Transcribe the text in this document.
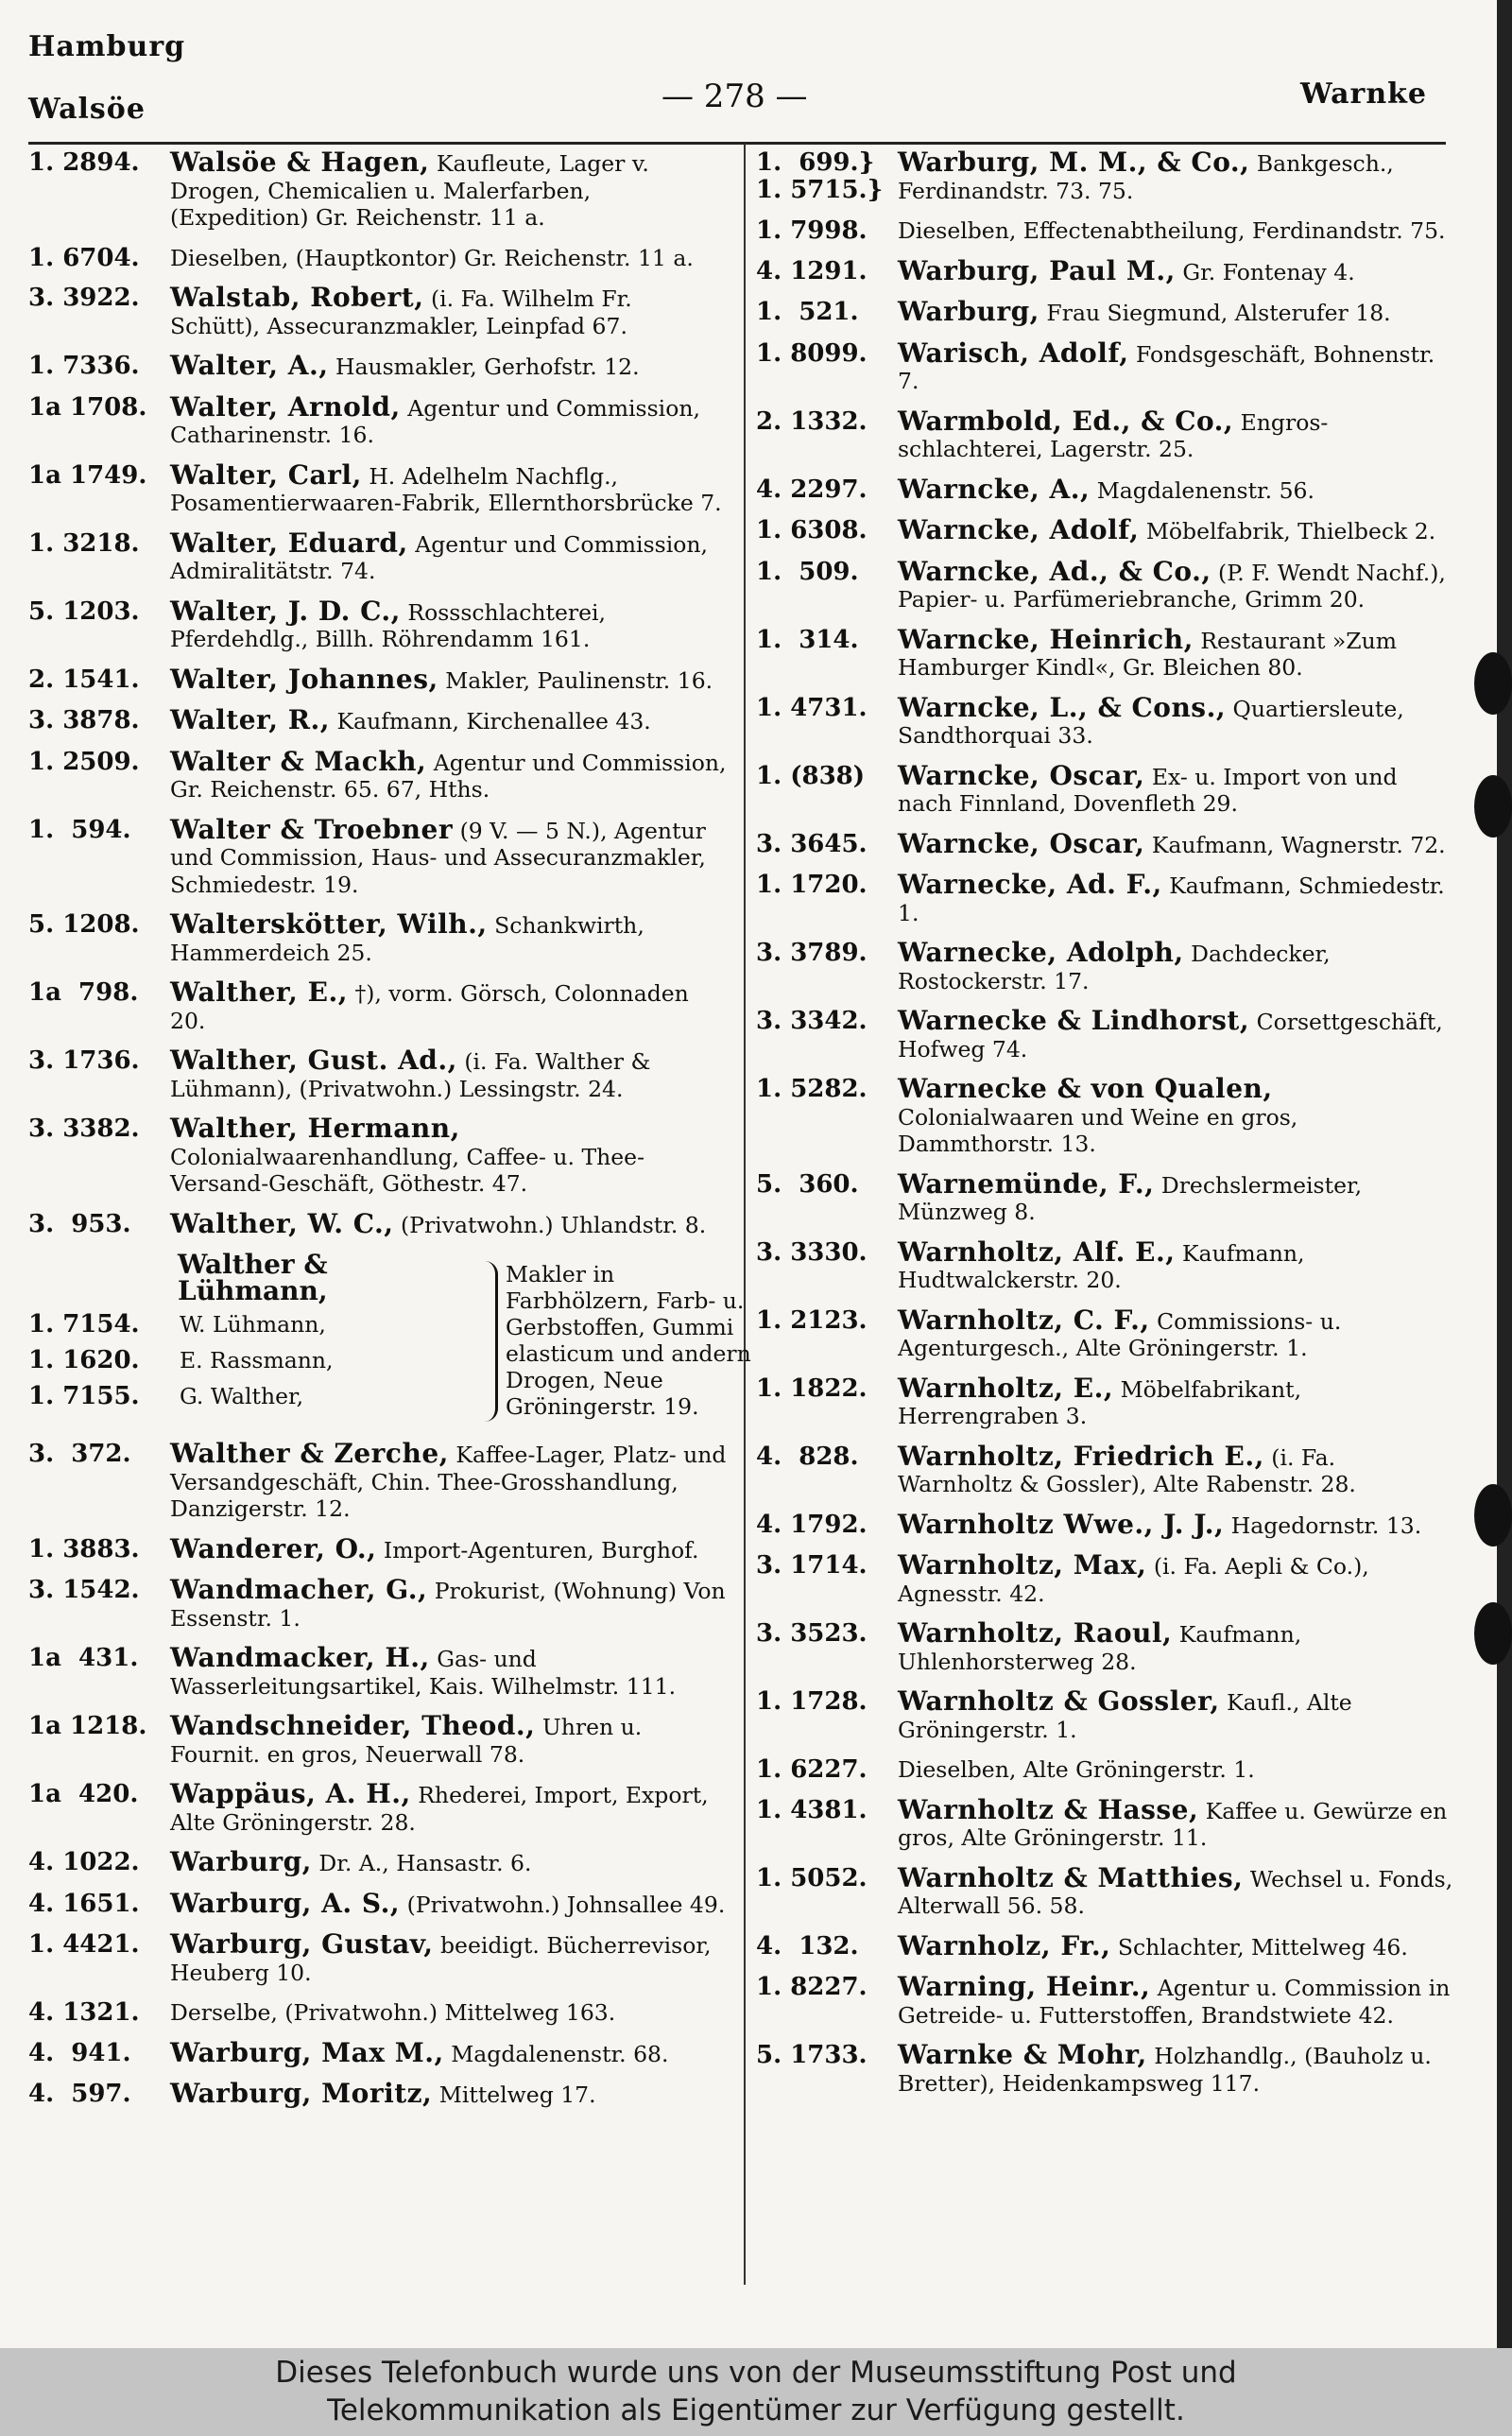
Hamburg
Walsöe	— 278 —	Warnke
1. 2894.	Walsöe & Hagen, Kaufleute, Lager v. Drogen, Chemicalien u. Malerfarben, (Expedition) Gr. Reichenstr. 11 a.
1. 6704.	Dieselben, (Hauptkontor) Gr. Reichenstr. 11 a.
3. 3922.	Walstab, Robert, (i. Fa. Wilhelm Fr. Schütt), Assecuranzmakler, Leinpfad 67.
1. 7336.	Walter, A., Hausmakler, Gerhofstr. 12.
1a 1708. Walter, Arnold, Agentur und Commission, Catharinenstr. 16.
1a 1749. Walter, Carl, H. Adelhelm Nachflg., Posamentierwaaren-Fabrik, Ellernthorsbrücke 7.
1. 3218.	Walter, Eduard, Agentur und Commission, Admiralitätstr. 74.
5. 1203.	Walter, J. D. C., Rossschlachterei, Pferdehdlg., Billh. Röhrendamm 161.
2. 1541.	Walter, Johannes, Makler, Paulinenstr. 16.
3. 3878.	Walter, R., Kaufmann, Kirchenallee 43.
1. 2509.	Walter & Mackh, Agentur und Commission, Gr. Reichenstr. 65. 67, Hths.
1.  594.	Walter & Troebner (9 V. — 5 N.), Agentur und Commission, Haus- und Assecuranzmakler, Schmiedestr. 19.
5. 1208.	Walterskötter, Wilh., Schankwirth, Hammerdeich 25.
1a  798.	Walther, E., †), vorm. Görsch, Colonnaden 20.
3. 1736.	Walther, Gust. Ad., (i. Fa. Walther & Lühmann), (Privatwohn.) Lessingstr. 24.
3. 3382.	Walther, Hermann, Colonialwaarenhandlung, Caffee- u. Thee-Versand-Geschäft, Göthestr. 47.
3.  953.	Walther, W. C., (Privatwohn.) Uhlandstr. 8.
Walther & Lühmann,
1. 7154. W. Lühmann,
1. 1620. E. Rassmann,
1. 7155. G. Walther,
Makler in Farbhölzern, Farb- u. Gerbstoffen, Gummi elasticum und andern Drogen, Neue Gröningerstr. 19.
3.  372.	Walther & Zerche, Kaffee-Lager, Platz- und Versandgeschäft, Chin. Thee-Grosshandlung, Danzigerstr. 12.
1. 3883.	Wanderer, O., Import-Agenturen, Burghof.
3. 1542.	Wandmacher, G., Prokurist, (Wohnung) Von Essenstr. 1.
1a  431.	Wandmacker, H., Gas- und Wasserleitungsartikel, Kais. Wilhelmstr. 111.
1a 1218. Wandschneider, Theod., Uhren u. Fournit. en gros, Neuerwall 78.
1a  420.	Wappäus, A. H., Rhederei, Import, Export, Alte Gröningerstr. 28.
4. 1022.	Warburg, Dr. A., Hansastr. 6.
4. 1651.	Warburg, A. S., (Privatwohn.) Johnsallee 49.
1. 4421.	Warburg, Gustav, beeidigt. Bücherrevisor, Heuberg 10.
4. 1321.	Derselbe, (Privatwohn.) Mittelweg 163.
4.  941.	Warburg, Max M., Magdalenenstr. 68.
4.  597.	Warburg, Moritz, Mittelweg 17.
1.  699.}
1. 5715.}
Warburg, M. M., & Co., Bankgesch., Ferdinandstr. 73. 75.
1. 7998.	Dieselben, Effectenabtheilung, Ferdinandstr. 75.
4. 1291.	Warburg, Paul M., Gr. Fontenay 4.
1.  521.	Warburg, Frau Siegmund, Alsterufer 18.
1. 8099.	Warisch, Adolf, Fondsgeschäft, Bohnenstr. 7.
2. 1332.	Warmbold, Ed., & Co., Engros-schlachterei, Lagerstr. 25.
4. 2297.	Warncke, A., Magdalenenstr. 56.
1. 6308.	Warncke, Adolf, Möbelfabrik, Thielbeck 2.
1.  509.	Warncke, Ad., & Co., (P. F. Wendt Nachf.), Papier- u. Parfümeriebranche, Grimm 20.
1.  314.	Warncke, Heinrich, Restaurant »Zum Hamburger Kindl«, Gr. Bleichen 80.
1. 4731.	Warncke, L., & Cons., Quartiersleute, Sandthorquai 33.
1. (838)	Warncke, Oscar, Ex- u. Import von und nach Finnland, Dovenfleth 29.
3. 3645.	Warncke, Oscar, Kaufmann, Wagnerstr. 72.
1. 1720.	Warnecke, Ad. F., Kaufmann, Schmiedestr. 1.
3. 3789.	Warnecke, Adolph, Dachdecker, Rostockerstr. 17.
3. 3342.	Warnecke & Lindhorst, Corsettgeschäft, Hofweg 74.
1. 5282.	Warnecke & von Qualen, Colonialwaaren und Weine en gros, Dammthorstr. 13.
5.  360.	Warnemünde, F., Drechslermeister, Münzweg 8.
3. 3330.	Warnholtz, Alf. E., Kaufmann, Hudtwalckerstr. 20.
1. 2123.	Warnholtz, C. F., Commissions- u. Agenturgesch., Alte Gröningerstr. 1.
1. 1822.	Warnholtz, E., Möbelfabrikant, Herrengraben 3.
4.  828.	Warnholtz, Friedrich E., (i. Fa. Warnholtz & Gossler), Alte Rabenstr. 28.
4. 1792.	Warnholtz Wwe., J. J., Hagedornstr. 13.
3. 1714.	Warnholtz, Max, (i. Fa. Aepli & Co.), Agnesstr. 42.
3. 3523.	Warnholtz, Raoul, Kaufmann, Uhlenhorsterweg 28.
1. 1728.	Warnholtz & Gossler, Kaufl., Alte Gröningerstr. 1.
1. 6227.	Dieselben, Alte Gröningerstr. 1.
1. 4381.	Warnholtz & Hasse, Kaffee u. Gewürze en gros, Alte Gröningerstr. 11.
1. 5052.	Warnholtz & Matthies, Wechsel u. Fonds, Alterwall 56. 58.
4.  132.	Warnholz, Fr., Schlachter, Mittelweg 46.
1. 8227.	Warning, Heinr., Agentur u. Commission in Getreide- u. Futterstoffen, Brandstwiete 42.
5. 1733.	Warnke & Mohr, Holzhandlg., (Bauholz u. Bretter), Heidenkampsweg 117.
Dieses Telefonbuch wurde uns von der Museumsstiftung Post und
Telekommunikation als Eigentümer zur Verfügung gestellt.
